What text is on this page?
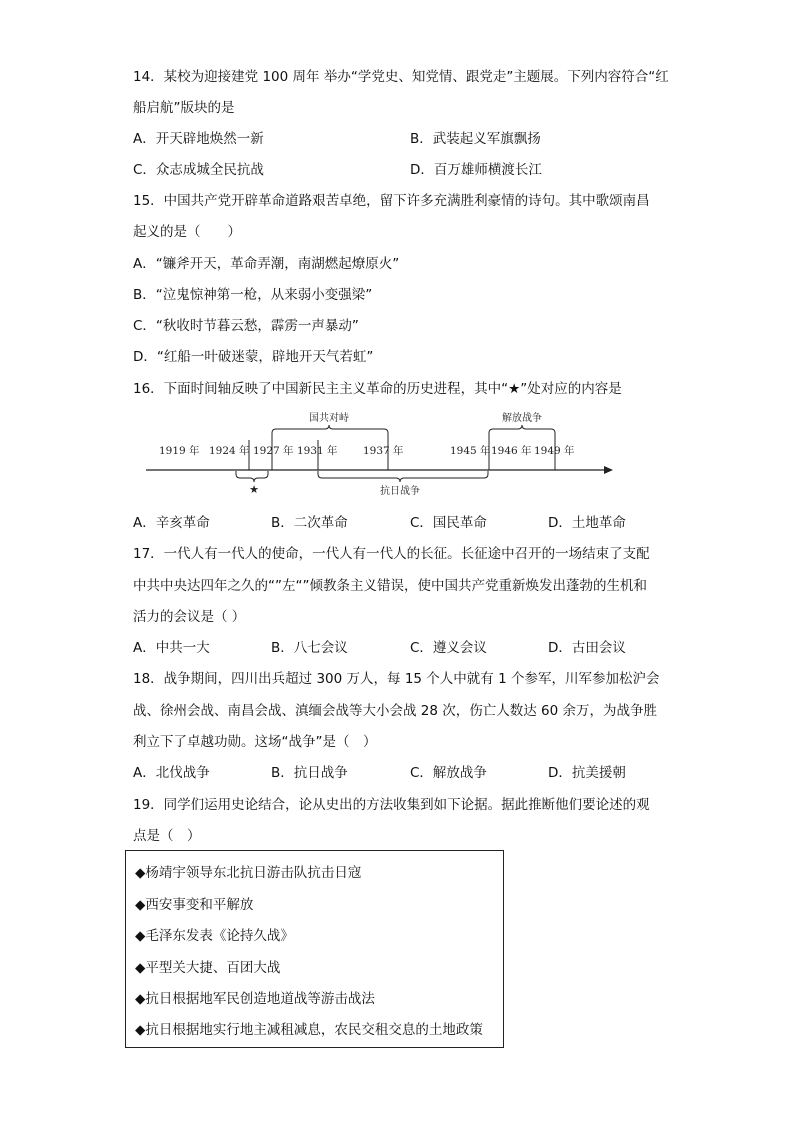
14．某校为迎接建党 100 周年 举办“学党史、知党情、跟党走”主题展。下列内容符合“红
船启航”版块的是
A．开天辟地焕然一新	B．武装起义军旗飘扬
C．众志成城全民抗战	D．百万雄师横渡长江
15．中国共产党开辟革命道路艰苦卓绝，留下许多充满胜利豪情的诗句。其中歌颂南昌
起义的是（　　）
A．“镰斧开天，革命弄潮，南湖燃起燎原火”
B．“泣鬼惊神第一枪，从来弱小变强梁”
C．“秋收时节暮云愁，霹雳一声暴动”
D．“红船一叶破迷蒙，辟地开天气若虹”
16．下面时间轴反映了中国新民主主义革命的历史进程，其中“★”处对应的内容是
国共对峙	解放战争
1919 年 1924 年 1927 年 1931 年 1937 年	1945 年 1946 年 1949 年
★	抗日战争
A．辛亥革命	B．二次革命	C．国民革命	D．土地革命
17．一代人有一代人的使命，一代人有一代人的长征。长征途中召开的一场结束了支配
中共中央达四年之久的“”左“”倾教条主义错误，使中国共产党重新焕发出蓬勃的生机和
活力的会议是（ ）
A．中共一大	B．八七会议	C．遵义会议	D．古田会议
18．战争期间，四川出兵超过 300 万人，每 15 个人中就有 1 个参军，川军参加松沪会
战、徐州会战、南昌会战、滇缅会战等大小会战 28 次，伤亡人数达 60 余万，为战争胜
利立下了卓越功勋。这场“战争”是（　）
A．北伐战争	B．抗日战争	C．解放战争	D．抗美援朝
19．同学们运用史论结合，论从史出的方法收集到如下论据。据此推断他们要论述的观
点是（　）
◆杨靖宇领导东北抗日游击队抗击日寇
◆西安事变和平解放
◆毛泽东发表《论持久战》
◆平型关大捷、百团大战
◆抗日根据地军民创造地道战等游击战法
◆抗日根据地实行地主减租减息，农民交租交息的土地政策
